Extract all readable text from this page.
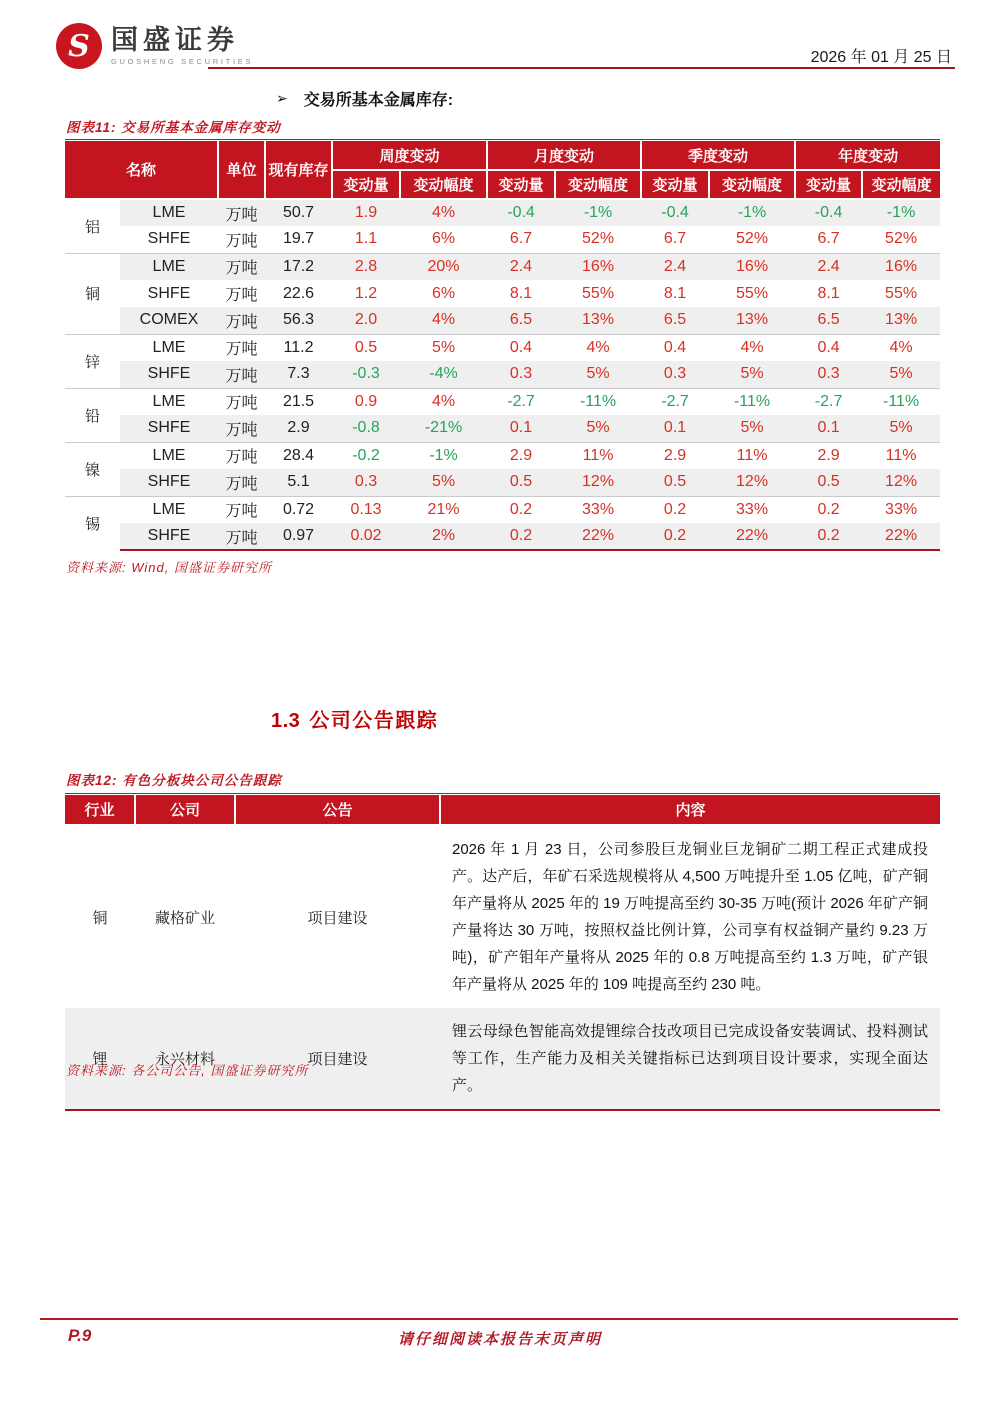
S 国盛证券
GUOSHENG SECURITIES	2026 年 01 月 25 日
➢ 交易所基本金属库存:
图表11: 交易所基本金属库存变动
名称		单位	现有库存	周度变动		月度变动		季度变动		年度变动	
				变动量	变动幅度	变动量	变动幅度	变动量	变动幅度	变动量	变动幅度
铝	LME	万吨	50.7	1.9	4%	-0.4	-1%	-0.4	-1%	-0.4	-1%
	SHFE	万吨	19.7	1.1	6%	6.7	52%	6.7	52%	6.7	52%
铜	LME	万吨	17.2	2.8	20%	2.4	16%	2.4	16%	2.4	16%
	SHFE	万吨	22.6	1.2	6%	8.1	55%	8.1	55%	8.1	55%
	COMEX	万吨	56.3	2.0	4%	6.5	13%	6.5	13%	6.5	13%
锌	LME	万吨	11.2	0.5	5%	0.4	4%	0.4	4%	0.4	4%
	SHFE	万吨	7.3	-0.3	-4%	0.3	5%	0.3	5%	0.3	5%
铅	LME	万吨	21.5	0.9	4%	-2.7	-11%	-2.7	-11%	-2.7	-11%
	SHFE	万吨	2.9	-0.8	-21%	0.1	5%	0.1	5%	0.1	5%
镍	LME	万吨	28.4	-0.2	-1%	2.9	11%	2.9	11%	2.9	11%
	SHFE	万吨	5.1	0.3	5%	0.5	12%	0.5	12%	0.5	12%
锡	LME	万吨	0.72	0.13	21%	0.2	33%	0.2	33%	0.2	33%
	SHFE	万吨	0.97	0.02	2%	0.2	22%	0.2	22%	0.2	22%
资料来源: Wind, 国盛证券研究所
1.3 公司公告跟踪
图表12: 有色分板块公司公告跟踪
行业	公司	公告	内容
铜	藏格矿业	项目建设	2026 年 1 月 23 日，公司参股巨龙铜业巨龙铜矿二期工程正式建成投产。达产后，年矿石采选规模将从 4,500 万吨提升至 1.05 亿吨，矿产铜年产量将从 2025 年的 19 万吨提高至约 30-35 万吨(预计 2026 年矿产铜产量将达 30 万吨，按照权益比例计算，公司享有权益铜产量约 9.23 万吨)，矿产钼年产量将从 2025 年的 0.8 万吨提高至约 1.3 万吨，矿产银年产量将从 2025 年的 109 吨提高至约 230 吨。
锂	永兴材料	项目建设	锂云母绿色智能高效提锂综合技改项目已完成设备安装调试、投料测试等工作，生产能力及相关关键指标已达到项目设计要求，实现全面达产。
资料来源: 各公司公告, 国盛证券研究所
P.9	请仔细阅读本报告末页声明
